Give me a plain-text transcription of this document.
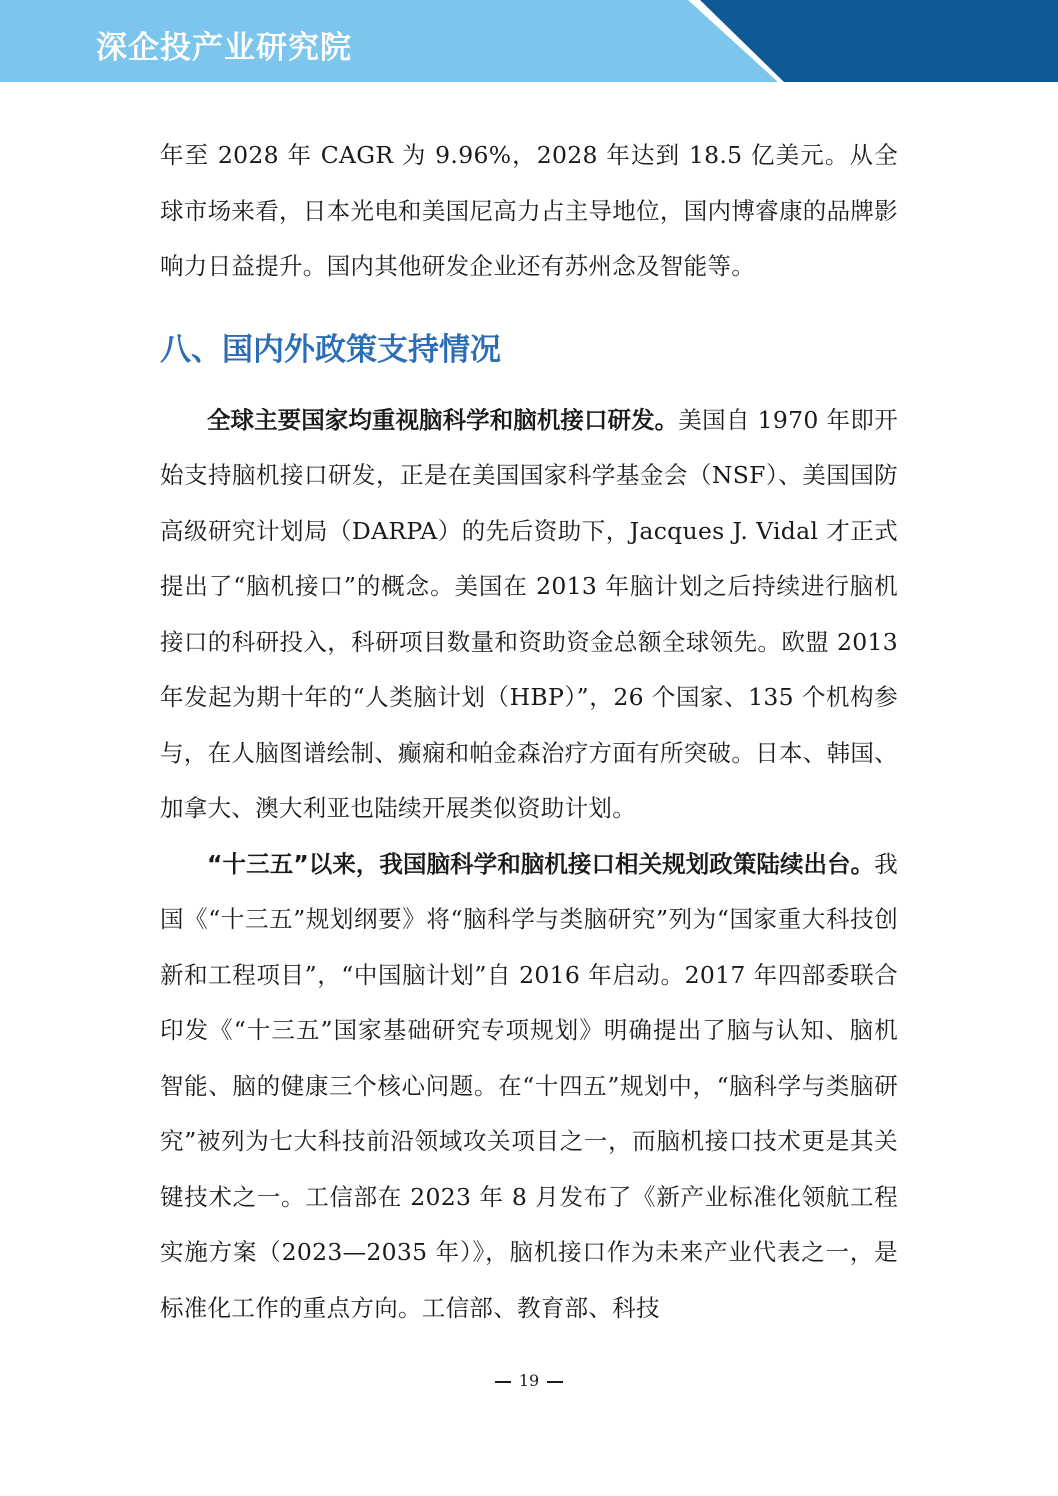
深企投产业研究院

年至 2028 年 CAGR 为 9.96%，2028 年达到 18.5 亿美元。从全球市场来看，日本光电和美国尼高力占主导地位，国内博睿康的品牌影响力日益提升。国内其他研发企业还有苏州念及智能等。

八、国内外政策支持情况

全球主要国家均重视脑科学和脑机接口研发。美国自 1970 年即开始支持脑机接口研发，正是在美国国家科学基金会（NSF）、美国国防高级研究计划局（DARPA）的先后资助下，Jacques J. Vidal 才正式提出了“脑机接口”的概念。美国在 2013 年脑计划之后持续进行脑机接口的科研投入，科研项目数量和资助资金总额全球领先。欧盟 2013 年发起为期十年的“人类脑计划（HBP）”，26 个国家、135 个机构参与，在人脑图谱绘制、癫痫和帕金森治疗方面有所突破。日本、韩国、加拿大、澳大利亚也陆续开展类似资助计划。

“十三五”以来，我国脑科学和脑机接口相关规划政策陆续出台。我国《“十三五”规划纲要》将“脑科学与类脑研究”列为“国家重大科技创新和工程项目”，“中国脑计划”自 2016 年启动。2017 年四部委联合印发《“十三五”国家基础研究专项规划》明确提出了脑与认知、脑机智能、脑的健康三个核心问题。在“十四五”规划中，“脑科学与类脑研究”被列为七大科技前沿领域攻关项目之一，而脑机接口技术更是其关键技术之一。工信部在 2023 年 8 月发布了《新产业标准化领航工程实施方案（2023—2035 年）》，脑机接口作为未来产业代表之一，是标准化工作的重点方向。工信部、教育部、科技

19
